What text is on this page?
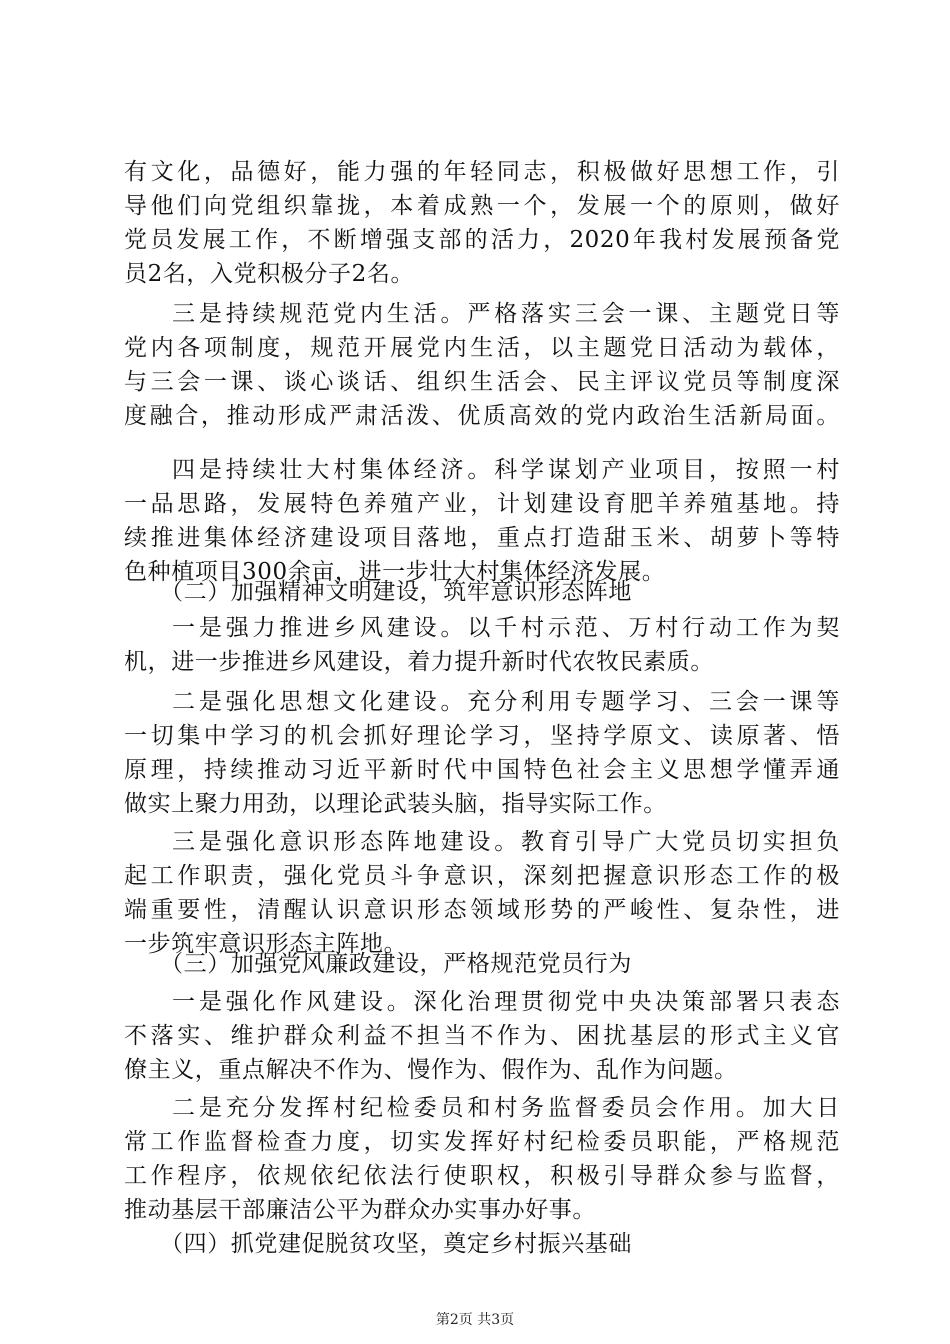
有文化，品德好，能力强的年轻同志，积极做好思想工作，引
导他们向党组织靠拢，本着成熟一个，发展一个的原则，做好
党员发展工作，不断增强支部的活力，2020年我村发展预备党
员2名，入党积极分子2名。
三是持续规范党内生活。严格落实三会一课、主题党日等
党内各项制度，规范开展党内生活，以主题党日活动为载体，
与三会一课、谈心谈话、组织生活会、民主评议党员等制度深
度融合，推动形成严肃活泼、优质高效的党内政治生活新局面。
四是持续壮大村集体经济。科学谋划产业项目，按照一村
一品思路，发展特色养殖产业，计划建设育肥羊养殖基地。持
续推进集体经济建设项目落地，重点打造甜玉米、胡萝卜等特
色种植项目300余亩，进一步壮大村集体经济发展。
（二）加强精神文明建设，筑牢意识形态阵地
一是强力推进乡风建设。以千村示范、万村行动工作为契
机，进一步推进乡风建设，着力提升新时代农牧民素质。
二是强化思想文化建设。充分利用专题学习、三会一课等
一切集中学习的机会抓好理论学习，坚持学原文、读原著、悟
原理，持续推动习近平新时代中国特色社会主义思想学懂弄通
做实上聚力用劲，以理论武装头脑，指导实际工作。
三是强化意识形态阵地建设。教育引导广大党员切实担负
起工作职责，强化党员斗争意识，深刻把握意识形态工作的极
端重要性，清醒认识意识形态领域形势的严峻性、复杂性，进
一步筑牢意识形态主阵地。
（三）加强党风廉政建设，严格规范党员行为
一是强化作风建设。深化治理贯彻党中央决策部署只表态
不落实、维护群众利益不担当不作为、困扰基层的形式主义官
僚主义，重点解决不作为、慢作为、假作为、乱作为问题。
二是充分发挥村纪检委员和村务监督委员会作用。加大日
常工作监督检查力度，切实发挥好村纪检委员职能，严格规范
工作程序，依规依纪依法行使职权，积极引导群众参与监督，
推动基层干部廉洁公平为群众办实事办好事。
（四）抓党建促脱贫攻坚，奠定乡村振兴基础
第2页 共3页
